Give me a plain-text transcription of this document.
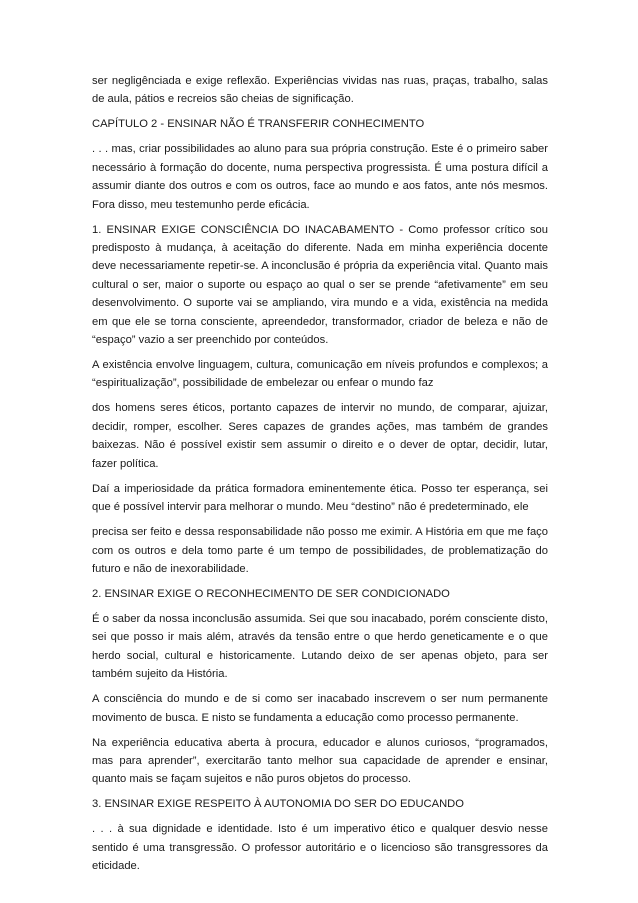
ser negligênciada e exige reflexão. Experiências vividas nas ruas, praças, trabalho, salas de aula, pátios e recreios são cheias de significação.

CAPÍTULO 2 - ENSINAR NÃO É TRANSFERIR CONHECIMENTO

. . . mas, criar possibilidades ao aluno para sua própria construção. Este é o primeiro saber necessário à formação do docente, numa perspectiva progressista. É uma postura difícil a assumir diante dos outros e com os outros, face ao mundo e aos fatos, ante nós mesmos. Fora disso, meu testemunho perde eficácia.

1. ENSINAR EXIGE CONSCIÊNCIA DO INACABAMENTO - Como professor crítico sou predisposto à mudança, à aceitação do diferente. Nada em minha experiência docente deve necessariamente repetir-se. A inconclusão é própria da experiência vital. Quanto mais cultural o ser, maior o suporte ou espaço ao qual o ser se prende “afetivamente” em seu desenvolvimento. O suporte vai se ampliando, vira mundo e a vida, existência na medida em que ele se torna consciente, apreendedor, transformador, criador de beleza e não de “espaço” vazio a ser preenchido por conteúdos.

A existência envolve linguagem, cultura, comunicação em níveis profundos e complexos; a “espiritualização”, possibilidade de embelezar ou enfear o mundo faz

dos homens seres éticos, portanto capazes de intervir no mundo, de comparar, ajuizar, decidir, romper, escolher. Seres capazes de grandes ações, mas também de grandes baixezas. Não é possível existir sem assumir o direito e o dever de optar, decidir, lutar, fazer política.

Daí a imperiosidade da prática formadora eminentemente ética. Posso ter esperança, sei que é possível intervir para melhorar o mundo. Meu “destino” não é predeterminado, ele

precisa ser feito e dessa responsabilidade não posso me eximir. A História em que me faço com os outros e dela tomo parte é um tempo de possibilidades, de problematização do futuro e não de inexorabilidade.

2. ENSINAR EXIGE O RECONHECIMENTO DE SER CONDICIONADO

É o saber da nossa inconclusão assumida. Sei que sou inacabado, porém consciente disto, sei que posso ir mais além, através da tensão entre o que herdo geneticamente e o que herdo social, cultural e historicamente. Lutando deixo de ser apenas objeto, para ser também sujeito da História.

A consciência do mundo e de si como ser inacabado inscrevem o ser num permanente movimento de busca. E nisto se fundamenta a educação como processo permanente.

Na experiência educativa aberta à procura, educador e alunos curiosos, “programados, mas para aprender”, exercitarão tanto melhor sua capacidade de aprender e ensinar, quanto mais se façam sujeitos e não puros objetos do processo.

3. ENSINAR EXIGE RESPEITO À AUTONOMIA DO SER DO EDUCANDO

. . . à sua dignidade e identidade. Isto é um imperativo ético e qualquer desvio nesse sentido é uma transgressão. O professor autoritário e o licencioso são transgressores da eticidade.
